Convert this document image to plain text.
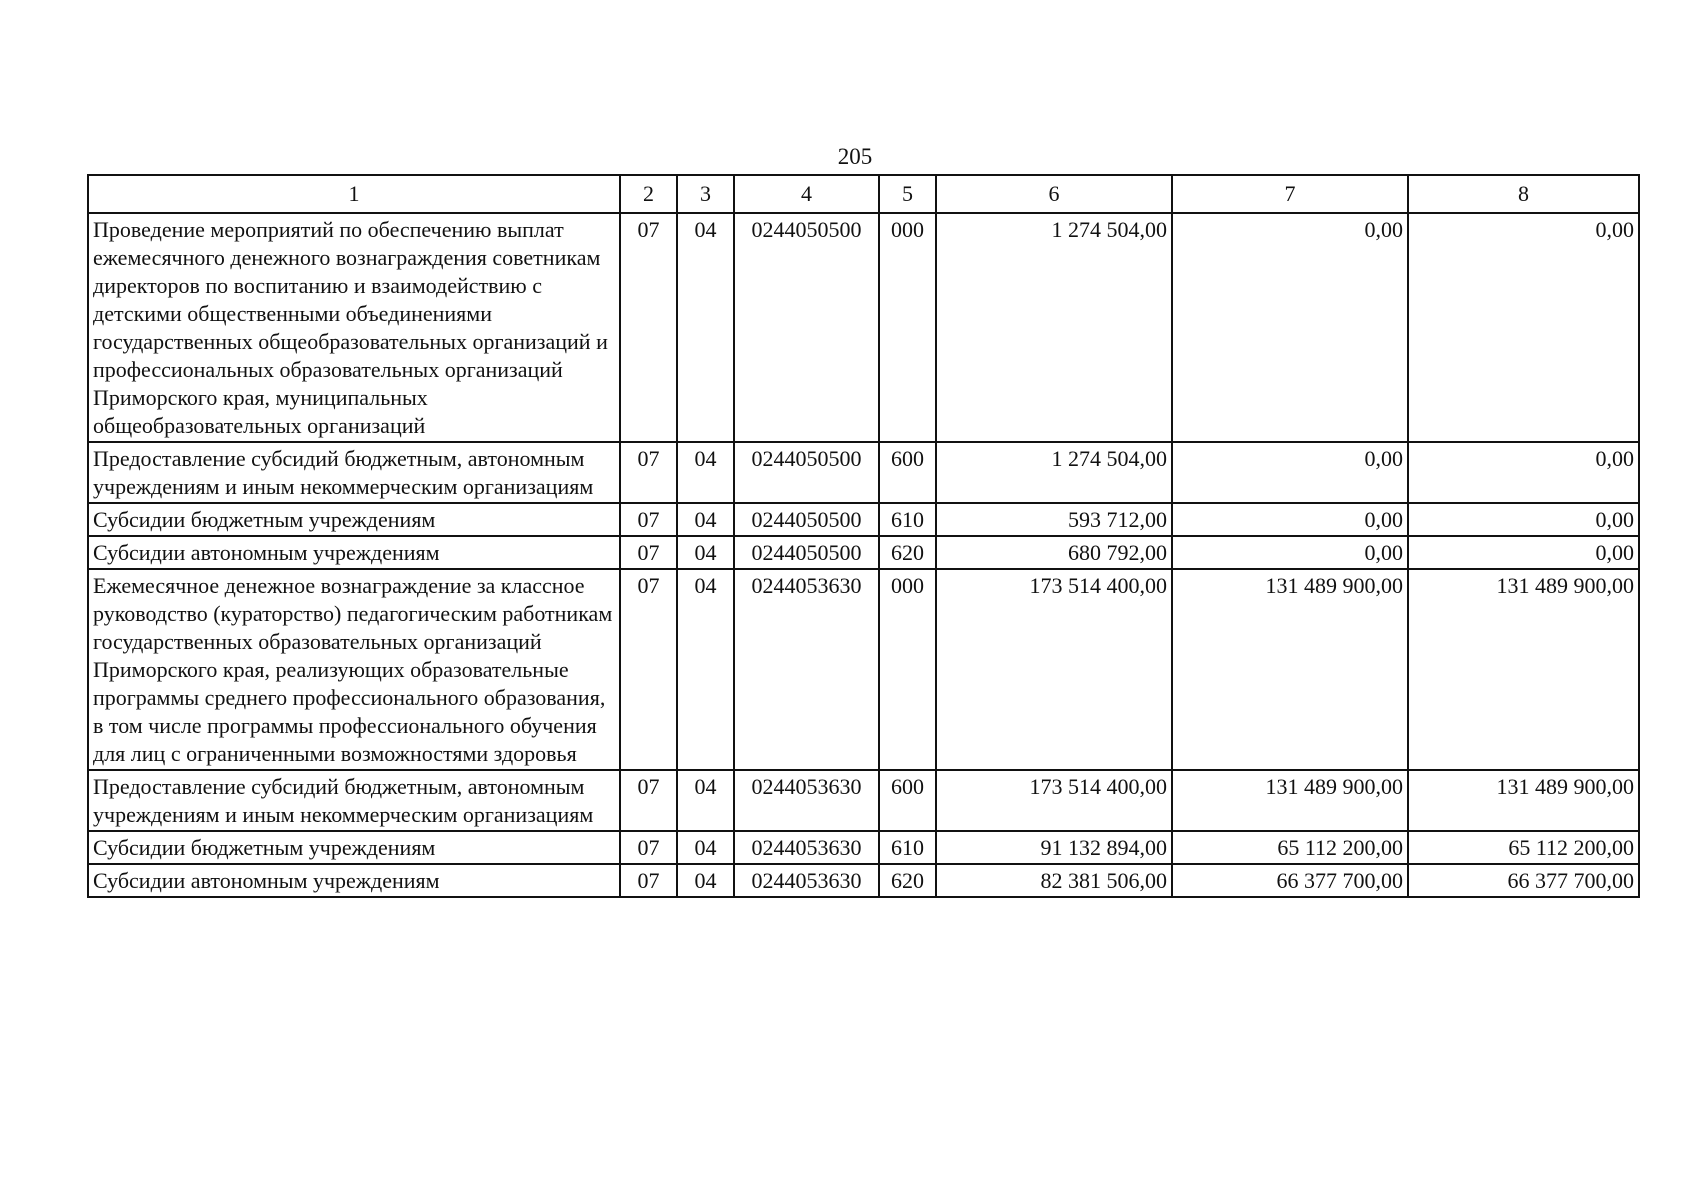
205
1	2	3	4	5	6	7	8
Проведение мероприятий по обеспечению выплат ежемесячного денежного вознаграждения советникам директоров по воспитанию и взаимодействию с детскими общественными объединениями государственных общеобразовательных организаций и профессиональных образовательных организаций Приморского края, муниципальных общеобразовательных организаций	07	04	0244050500	000	1 274 504,00	0,00	0,00
Предоставление субсидий бюджетным, автономным учреждениям и иным некоммерческим организациям	07	04	0244050500	600	1 274 504,00	0,00	0,00
Субсидии бюджетным учреждениям	07	04	0244050500	610	593 712,00	0,00	0,00
Субсидии автономным учреждениям	07	04	0244050500	620	680 792,00	0,00	0,00
Ежемесячное денежное вознаграждение за классное руководство (кураторство) педагогическим работникам государственных образовательных организаций Приморского края, реализующих образовательные программы среднего профессионального образования, в том числе программы профессионального обучения для лиц с ограниченными возможностями здоровья	07	04	0244053630	000	173 514 400,00	131 489 900,00	131 489 900,00
Предоставление субсидий бюджетным, автономным учреждениям и иным некоммерческим организациям	07	04	0244053630	600	173 514 400,00	131 489 900,00	131 489 900,00
Субсидии бюджетным учреждениям	07	04	0244053630	610	91 132 894,00	65 112 200,00	65 112 200,00
Субсидии автономным учреждениям	07	04	0244053630	620	82 381 506,00	66 377 700,00	66 377 700,00
